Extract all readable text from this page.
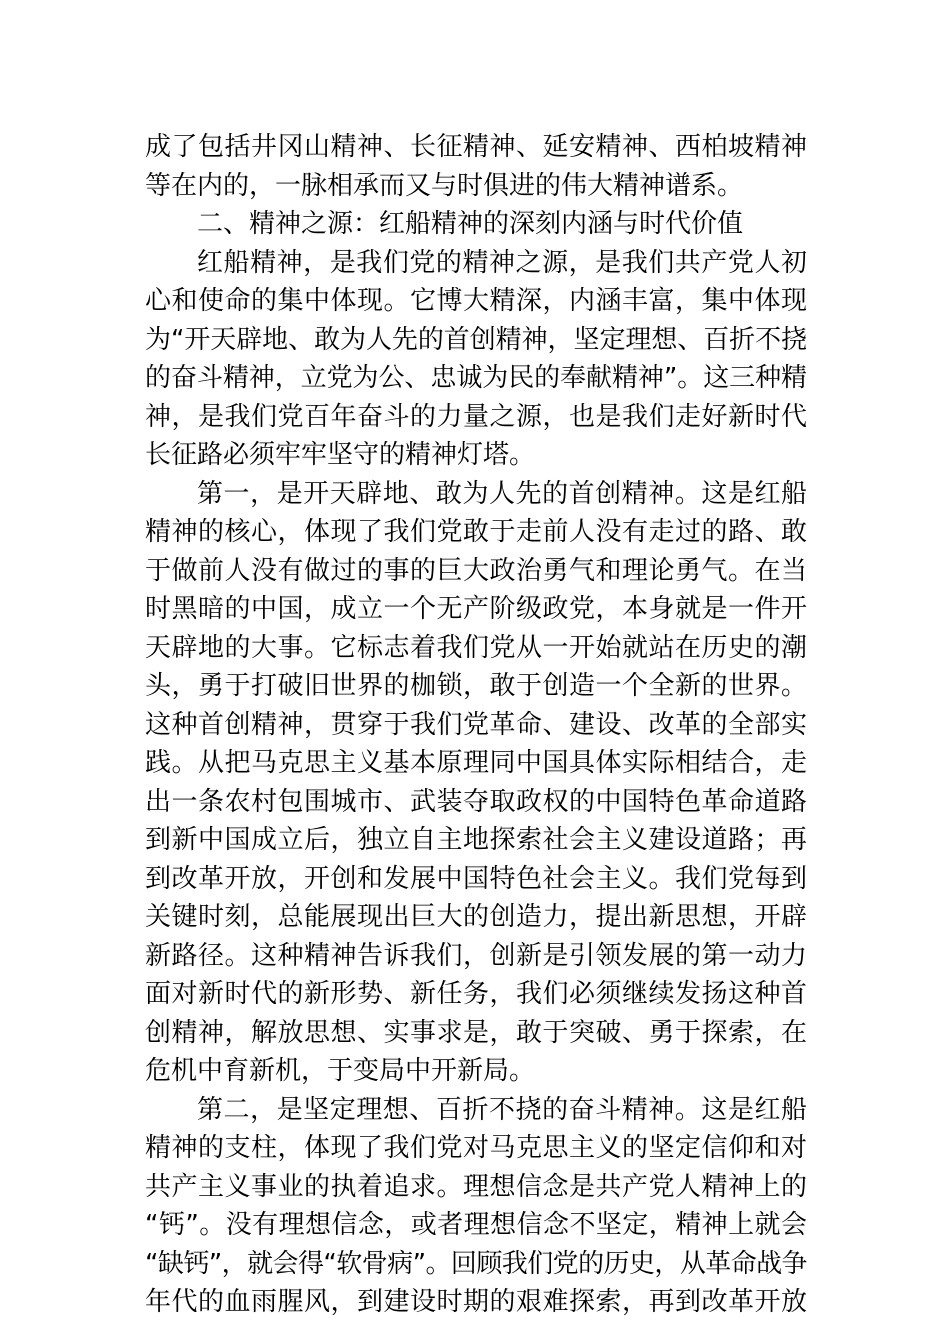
成了包括井冈山精神、长征精神、延安精神、西柏坡精神
等在内的，一脉相承而又与时俱进的伟大精神谱系。
二、精神之源：红船精神的深刻内涵与时代价值
红船精神，是我们党的精神之源，是我们共产党人初
心和使命的集中体现。它博大精深，内涵丰富，集中体现
为“开天辟地、敢为人先的首创精神，坚定理想、百折不挠
的奋斗精神，立党为公、忠诚为民的奉献精神”。这三种精
神，是我们党百年奋斗的力量之源，也是我们走好新时代
长征路必须牢牢坚守的精神灯塔。
第一，是开天辟地、敢为人先的首创精神。这是红船
精神的核心，体现了我们党敢于走前人没有走过的路、敢
于做前人没有做过的事的巨大政治勇气和理论勇气。在当
时黑暗的中国，成立一个无产阶级政党，本身就是一件开
天辟地的大事。它标志着我们党从一开始就站在历史的潮
头，勇于打破旧世界的枷锁，敢于创造一个全新的世界。
这种首创精神，贯穿于我们党革命、建设、改革的全部实
践。从把马克思主义基本原理同中国具体实际相结合，走
出一条农村包围城市、武装夺取政权的中国特色革命道路
到新中国成立后，独立自主地探索社会主义建设道路；再
到改革开放，开创和发展中国特色社会主义。我们党每到
关键时刻，总能展现出巨大的创造力，提出新思想，开辟
新路径。这种精神告诉我们，创新是引领发展的第一动力
面对新时代的新形势、新任务，我们必须继续发扬这种首
创精神，解放思想、实事求是，敢于突破、勇于探索，在
危机中育新机，于变局中开新局。
第二，是坚定理想、百折不挠的奋斗精神。这是红船
精神的支柱，体现了我们党对马克思主义的坚定信仰和对
共产主义事业的执着追求。理想信念是共产党人精神上的
“钙”。没有理想信念，或者理想信念不坚定，精神上就会
“缺钙”，就会得“软骨病”。回顾我们党的历史，从革命战争
年代的血雨腥风，到建设时期的艰难探索，再到改革开放
